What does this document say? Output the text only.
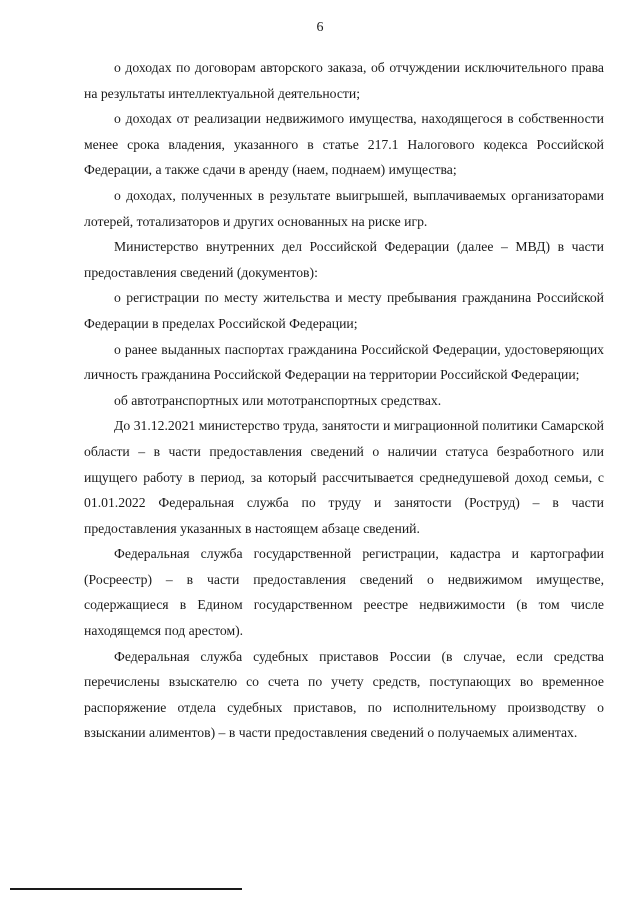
6

о доходах по договорам авторского заказа, об отчуждении исключительного права на результаты интеллектуальной деятельности;

о доходах от реализации недвижимого имущества, находящегося в собственности менее срока владения, указанного в статье 217.1 Налогового кодекса Российской Федерации, а также сдачи в аренду (наем, поднаем) имущества;

о доходах, полученных в результате выигрышей, выплачиваемых организаторами лотерей, тотализаторов и других основанных на риске игр.

Министерство внутренних дел Российской Федерации (далее – МВД) в части предоставления сведений (документов):

о регистрации по месту жительства и месту пребывания гражданина Российской Федерации в пределах Российской Федерации;

о ранее выданных паспортах гражданина Российской Федерации, удостоверяющих личность гражданина Российской Федерации на территории Российской Федерации;

об автотранспортных или мототранспортных средствах.

До 31.12.2021 министерство труда, занятости и миграционной политики Самарской области – в части предоставления сведений о наличии статуса безработного или ищущего работу в период, за который рассчитывается среднедушевой доход семьи, с 01.01.2022 Федеральная служба по труду и занятости (Роструд) – в части предоставления указанных в настоящем абзаце сведений.

Федеральная служба государственной регистрации, кадастра и картографии (Росреестр) – в части предоставления сведений о недвижимом имуществе, содержащиеся в Едином государственном реестре недвижимости (в том числе находящемся под арестом).

Федеральная служба судебных приставов России (в случае, если средства перечислены взыскателю со счета по учету средств, поступающих во временное распоряжение отдела судебных приставов, по исполнительному производству о взыскании алиментов) – в части предоставления сведений о получаемых алиментах.
